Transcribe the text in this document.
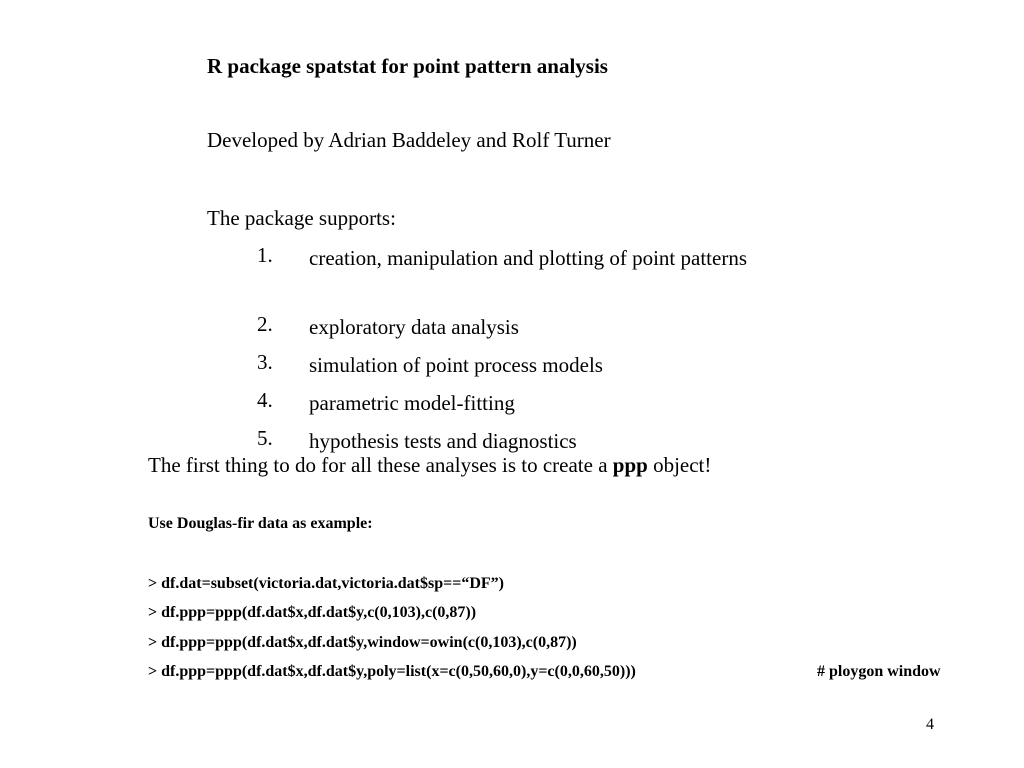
R package spatstat for point pattern analysis
Developed by Adrian Baddeley and Rolf Turner
The package supports:
1. creation, manipulation and plotting of point patterns
2. exploratory data analysis
3. simulation of point process models
4. parametric model-fitting
5. hypothesis tests and diagnostics
The first thing to do for all these analyses is to create a ppp object!
Use Douglas-fir data as example:
> df.dat=subset(victoria.dat,victoria.dat$sp==“DF”)
> df.ppp=ppp(df.dat$x,df.dat$y,c(0,103),c(0,87))
> df.ppp=ppp(df.dat$x,df.dat$y,window=owin(c(0,103),c(0,87))
> df.ppp=ppp(df.dat$x,df.dat$y,poly=list(x=c(0,50,60,0),y=c(0,0,60,50)))	# ploygon window
4
